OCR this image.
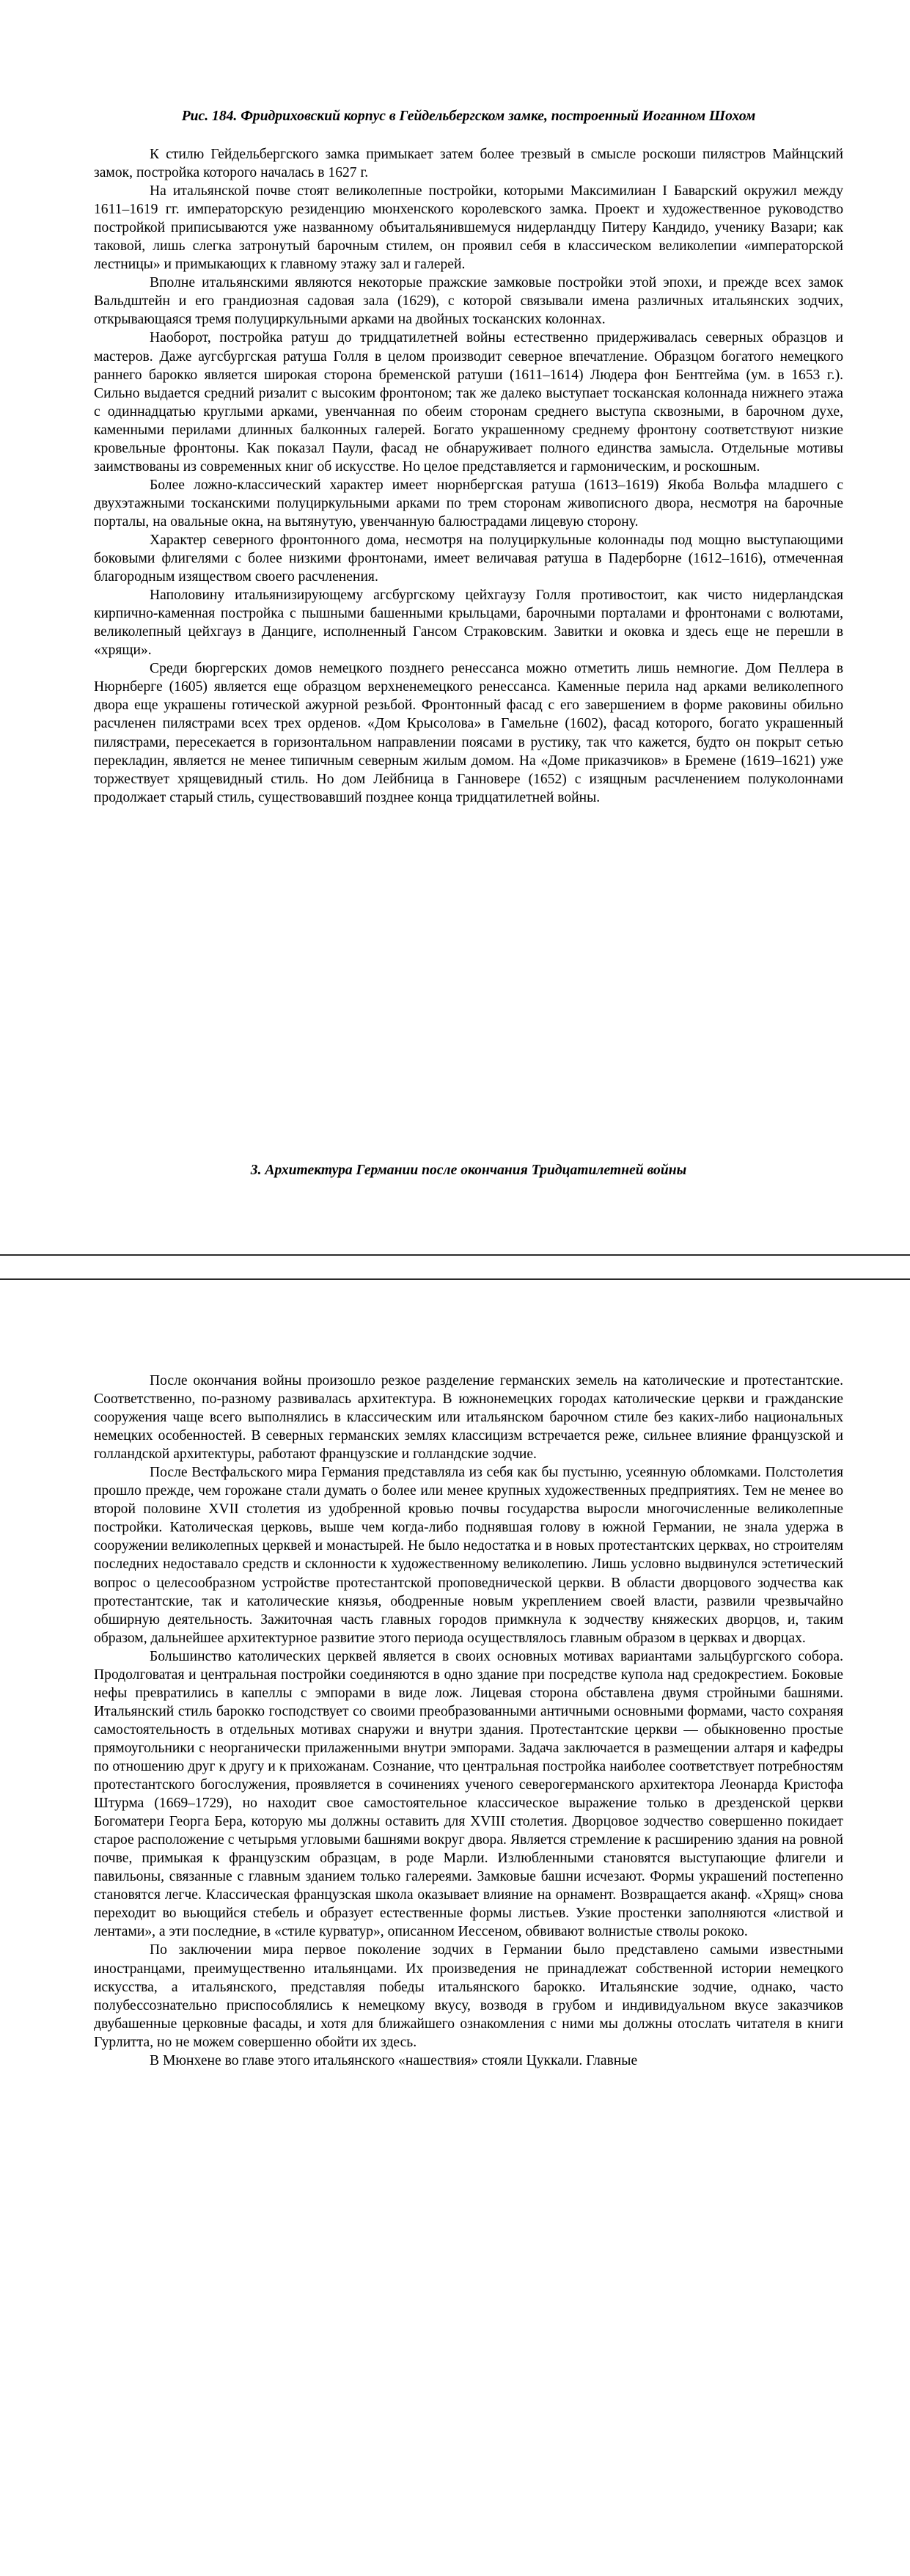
Рис. 184. Фридриховский корпус в Гейдельбергском замке, построенный Иоганном Шохом

К стилю Гейдельбергского замка примыкает затем более трезвый в смысле роскоши пилястров Майнцский замок, постройка которого началась в 1627 г.

На итальянской почве стоят великолепные постройки, которыми Максимилиан I Баварский окружил между 1611–1619 гг. императорскую резиденцию мюнхенского королевского замка. Проект и художественное руководство постройкой приписываются уже названному объитальянившемуся нидерландцу Питеру Кандидо, ученику Вазари; как таковой, лишь слегка затронутый барочным стилем, он проявил себя в классическом великолепии «императорской лестницы» и примыкающих к главному этажу зал и галерей.

Вполне итальянскими являются некоторые пражские замковые постройки этой эпохи, и прежде всех замок Вальдштейн и его грандиозная садовая зала (1629), с которой связывали имена различных итальянских зодчих, открывающаяся тремя полуциркульными арками на двойных тосканских колоннах.

Наоборот, постройка ратуш до тридцатилетней войны естественно придерживалась северных образцов и мастеров. Даже аугсбургская ратуша Голля в целом производит северное впечатление. Образцом богатого немецкого раннего барокко является широкая сторона бременской ратуши (1611–1614) Людера фон Бентгейма (ум. в 1653 г.). Сильно выдается средний ризалит с высоким фронтоном; так же далеко выступает тосканская колоннада нижнего этажа с одиннадцатью круглыми арками, увенчанная по обеим сторонам среднего выступа сквозными, в барочном духе, каменными перилами длинных балконных галерей. Богато украшенному среднему фронтону соответствуют низкие кровельные фронтоны. Как показал Паули, фасад не обнаруживает полного единства замысла. Отдельные мотивы заимствованы из современных книг об искусстве. Но целое представляется и гармоническим, и роскошным.

Более ложно-классический характер имеет нюрнбергская ратуша (1613–1619) Якоба Вольфа младшего с двухэтажными тосканскими полуциркульными арками по трем сторонам живописного двора, несмотря на барочные порталы, на овальные окна, на вытянутую, увенчанную балюстрадами лицевую сторону.

Характер северного фронтонного дома, несмотря на полуциркульные колоннады под мощно выступающими боковыми флигелями с более низкими фронтонами, имеет величавая ратуша в Падерборне (1612–1616), отмеченная благородным изяществом своего расчленения.

Наполовину итальянизирующему агсбургскому цейхгаузу Голля противостоит, как чисто нидерландская кирпично-каменная постройка с пышными башенными крыльцами, барочными порталами и фронтонами с волютами, великолепный цейхгауз в Данциге, исполненный Гансом Страковским. Завитки и оковка и здесь еще не перешли в «хрящи».

Среди бюргерских домов немецкого позднего ренессанса можно отметить лишь немногие. Дом Пеллера в Нюрнберге (1605) является еще образцом верхненемецкого ренессанса. Каменные перила над арками великолепного двора еще украшены готической ажурной резьбой. Фронтонный фасад с его завершением в форме раковины обильно расчленен пилястрами всех трех орденов. «Дом Крысолова» в Гамельне (1602), фасад которого, богато украшенный пилястрами, пересекается в горизонтальном направлении поясами в рустику, так что кажется, будто он покрыт сетью перекладин, является не менее типичным северным жилым домом. На «Доме приказчиков» в Бремене (1619–1621) уже торжествует хрящевидный стиль. Но дом Лейбница в Ганновере (1652) с изящным расчленением полуколоннами продолжает старый стиль, существовавший позднее конца тридцатилетней войны.

3. Архитектура Германии после окончания Тридцатилетней войны

После окончания войны произошло резкое разделение германских земель на католические и протестантские. Соответственно, по-разному развивалась архитектура. В южнонемецких городах католические церкви и гражданские сооружения чаще всего выполнялись в классическим или итальянском барочном стиле без каких-либо национальных немецких особенностей. В северных германских землях классицизм встречается реже, сильнее влияние французской и голландской архитектуры, работают французские и голландские зодчие.

После Вестфальского мира Германия представляла из себя как бы пустыню, усеянную обломками. Полстолетия прошло прежде, чем горожане стали думать о более или менее крупных художественных предприятиях. Тем не менее во второй половине XVII столетия из удобренной кровью почвы государства выросли многочисленные великолепные постройки. Католическая церковь, выше чем когда-либо поднявшая голову в южной Германии, не знала удержа в сооружении великолепных церквей и монастырей. Не было недостатка и в новых протестантских церквах, но строителям последних недоставало средств и склонности к художественному великолепию. Лишь условно выдвинулся эстетический вопрос о целесообразном устройстве протестантской проповеднической церкви. В области дворцового зодчества как протестантские, так и католические князья, ободренные новым укреплением своей власти, развили чрезвычайно обширную деятельность. Зажиточная часть главных городов примкнула к зодчеству княжеских дворцов, и, таким образом, дальнейшее архитектурное развитие этого периода осуществлялось главным образом в церквах и дворцах.

Большинство католических церквей является в своих основных мотивах вариантами зальцбургского собора. Продолговатая и центральная постройки соединяются в одно здание при посредстве купола над средокрестием. Боковые нефы превратились в капеллы с эмпорами в виде лож. Лицевая сторона обставлена двумя стройными башнями. Итальянский стиль барокко господствует со своими преобразованными античными основными формами, часто сохраняя самостоятельность в отдельных мотивах снаружи и внутри здания. Протестантские церкви — обыкновенно простые прямоугольники с неорганически прилаженными внутри эмпорами. Задача заключается в размещении алтаря и кафедры по отношению друг к другу и к прихожанам. Сознание, что центральная постройка наиболее соответствует потребностям протестантского богослужения, проявляется в сочинениях ученого северогерманского архитектора Леонарда Кристофа Штурма (1669–1729), но находит свое самостоятельное классическое выражение только в дрезденской церкви Богоматери Георга Бера, которую мы должны оставить для XVIII столетия. Дворцовое зодчество совершенно покидает старое расположение с четырьмя угловыми башнями вокруг двора. Является стремление к расширению здания на ровной почве, примыкая к французским образцам, в роде Марли. Излюбленными становятся выступающие флигели и павильоны, связанные с главным зданием только галереями. Замковые башни исчезают. Формы украшений постепенно становятся легче. Классическая французская школа оказывает влияние на орнамент. Возвращается аканф. «Хрящ» снова переходит во вьющийся стебель и образует естественные формы листьев. Узкие простенки заполняются «листвой и лентами», а эти последние, в «стиле курватур», описанном Иессеном, обвивают волнистые стволы рококо.

По заключении мира первое поколение зодчих в Германии было представлено самыми известными иностранцами, преимущественно итальянцами. Их произведения не принадлежат собственной истории немецкого искусства, а итальянского, представляя победы итальянского барокко. Итальянские зодчие, однако, часто полубессознательно приспособлялись к немецкому вкусу, возводя в грубом и индивидуальном вкусе заказчиков двубашенные церковные фасады, и хотя для ближайшего ознакомления с ними мы должны отослать читателя в книги Гурлитта, но не можем совершенно обойти их здесь.

В Мюнхене во главе этого итальянского «нашествия» стояли Цуккали. Главные
